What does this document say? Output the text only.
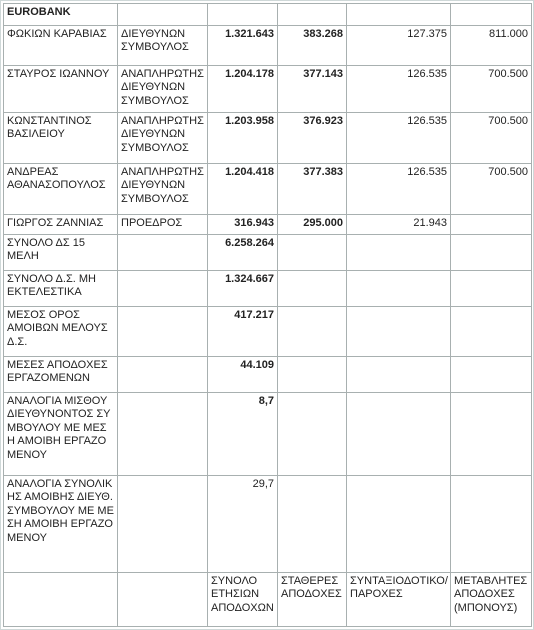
EUROBANK					
ΦΩΚΙΩΝ ΚΑΡΑΒΙΑΣ	ΔΙΕΥΘΥΝΩΝ ΣΥΜΒΟΥΛΟΣ	1.321.643	383.268	127.375	811.000
ΣΤΑΥΡΟΣ ΙΩΑΝΝΟΥ	ΑΝΑΠΛΗΡΩΤΗΣ ΔΙΕΥΘΥΝΩΝ ΣΥΜΒΟΥΛΟΣ	1.204.178	377.143	126.535	700.500
ΚΩΝΣΤΑΝΤΙΝΟΣ ΒΑΣΙΛΕΙΟΥ	ΑΝΑΠΛΗΡΩΤΗΣ ΔΙΕΥΘΥΝΩΝ ΣΥΜΒΟΥΛΟΣ	1.203.958	376.923	126.535	700.500
ΑΝΔΡΕΑΣ ΑΘΑΝΑΣΟΠΟΥΛΟΣ	ΑΝΑΠΛΗΡΩΤΗΣ ΔΙΕΥΘΥΝΩΝ ΣΥΜΒΟΥΛΟΣ	1.204.418	377.383	126.535	700.500
ΓΙΩΡΓΟΣ ΖΑΝΝΙΑΣ	ΠΡΟΕΔΡΟΣ	316.943	295.000	21.943	
ΣΥΝΟΛΟ ΔΣ 15 ΜΕΛΗ		6.258.264			
ΣΥΝΟΛΟ Δ.Σ. ΜΗ ΕΚΤΕΛΕΣΤΙΚΑ		1.324.667			
ΜΕΣΟΣ ΟΡΟΣ ΑΜΟΙΒΩΝ ΜΕΛΟΥΣ Δ.Σ.		417.217			
ΜΕΣΕΣ ΑΠΟΔΟΧΕΣ ΕΡΓΑΖΟΜΕΝΩΝ		44.109			
ΑΝΑΛΟΓΙΑ ΜΙΣΘΟΥ ΔΙΕΥΘΥΝΟΝΤΟΣ ΣΥΜΒΟΥΛΟΥ ΜΕ ΜΕΣΗ ΑΜΟΙΒΗ ΕΡΓΑΖΟΜΕΝΟΥ		8,7			
ΑΝΑΛΟΓΙΑ ΣΥΝΟΛΙΚΗΣ ΑΜΟΙΒΗΣ ΔΙΕΥΘ. ΣΥΜΒΟΥΛΟΥ ΜΕ ΜΕΣΗ ΑΜΟΙΒΗ ΕΡΓΑΖΟΜΕΝΟΥ		29,7			
		ΣΥΝΟΛΟ ΕΤΗΣΙΩΝ ΑΠΟΔΟΧΩΝ	ΣΤΑΘΕΡΕΣ ΑΠΟΔΟΧΕΣ	ΣΥΝΤΑΞΙΟΔΟΤΙΚΟ/ ΠΑΡΟΧΕΣ	ΜΕΤΑΒΛΗΤΕΣ ΑΠΟΔΟΧΕΣ (ΜΠΟΝΟΥΣ)
